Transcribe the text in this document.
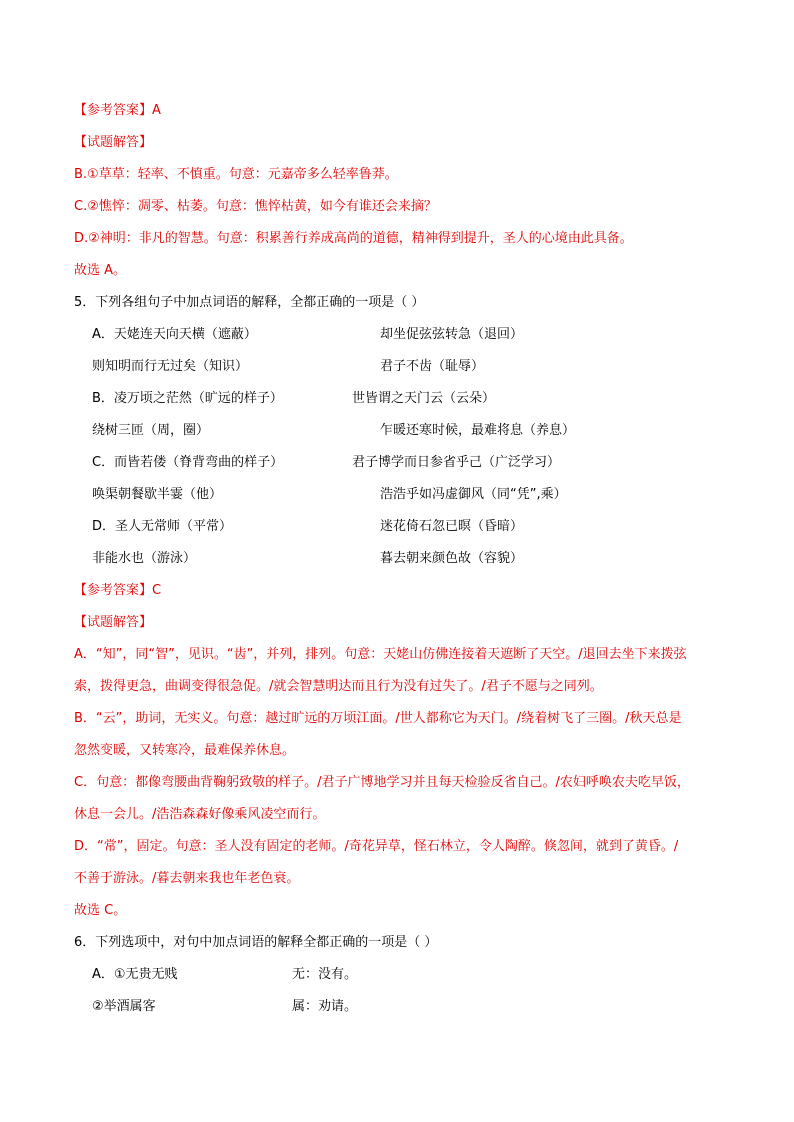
【参考答案】A
【试题解答】
B.①草草：轻率、不慎重。句意：元嘉帝多么轻率鲁莽。
C.②憔悴：凋零、枯萎。句意：憔悴枯黄，如今有谁还会来摘？
D.②神明：非凡的智慧。句意：积累善行养成高尚的道德，精神得到提升，圣人的心境由此具备。
故选 A。
5．下列各组句子中加点词语的解释，全都正确的一项是（ ）
A．天姥连天向天横（遮蔽）	却坐促弦弦转急（退回）
则知明而行无过矣（知识）	君子不齿（耻辱）
B．凌万顷之茫然（旷远的样子）	世皆谓之天门云（云朵）
绕树三匝（周，圈）	乍暖还寒时候，最难将息（养息）
C．而皆若偻（脊背弯曲的样子）	君子博学而日参省乎己（广泛学习）
唤渠朝餐歇半霎（他）	浩浩乎如冯虚御风（同“凭”,乘）
D．圣人无常师（平常）	迷花倚石忽已暝（昏暗）
非能水也（游泳）	暮去朝来颜色故（容貌）
【参考答案】C
【试题解答】
A．“知”，同“智”，见识。“齿”，并列，排列。句意：天姥山仿佛连接着天遮断了天空。/退回去坐下来拨弦
索，拨得更急，曲调变得很急促。/就会智慧明达而且行为没有过失了。/君子不愿与之同列。
B．“云”，助词，无实义。句意：越过旷远的万顷江面。/世人都称它为天门。/绕着树飞了三圈。/秋天总是
忽然变暖，又转寒冷，最难保养休息。
C．句意：都像弯腰曲背鞠躬致敬的样子。/君子广博地学习并且每天检验反省自己。/农妇呼唤农夫吃早饭，
休息一会儿。/浩浩森森好像乘风凌空而行。
D．“常”，固定。句意：圣人没有固定的老师。/奇花异草，怪石林立，令人陶醉。倏忽间，就到了黄昏。/
不善于游泳。/暮去朝来我也年老色衰。
故选 C。
6．下列选项中，对句中加点词语的解释全都正确的一项是（ ）
A．①无贵无贱	无：没有。
②举酒属客	属：劝请。
